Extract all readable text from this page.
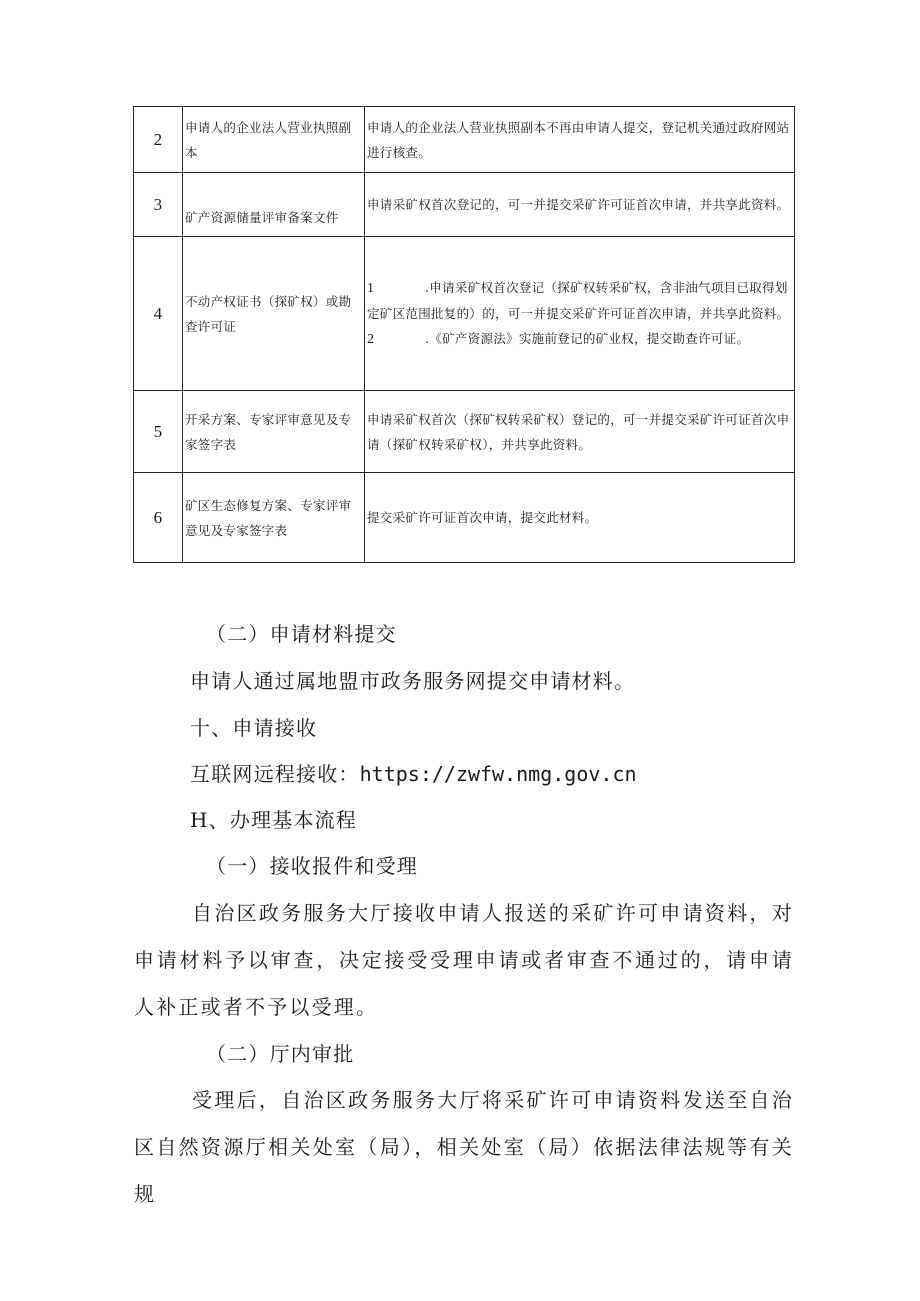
2	申请人的企业法人营业执照副本	申请人的企业法人营业执照副本不再由申请人提交，登记机关通过政府网站进行核查。
3	矿产资源储量评审备案文件	申请采矿权首次登记的，可一并提交采矿许可证首次申请，并共享此资料。
4	不动产权证书（探矿权）或勘查许可证	1 .申请采矿权首次登记（探矿权转采矿权，含非油气项目已取得划定矿区范围批复的）的，可一并提交采矿许可证首次申请，并共享此资料。
2 .《矿产资源法》实施前登记的矿业权，提交勘查许可证。

5	开采方案、专家评审意见及专家签字表	申请采矿权首次（探矿权转采矿权）登记的，可一并提交采矿许可证首次申请（探矿权转采矿权），并共享此资料。
6	矿区生态修复方案、专家评审意见及专家签字表	提交采矿许可证首次申请，提交此材料。
（二）申请材料提交
申请人通过属地盟市政务服务网提交申请材料。
十、申请接收
互联网远程接收：https://zwfw.nmg.gov.cn
H、办理基本流程
（一）接收报件和受理
自治区政务服务大厅接收申请人报送的采矿许可申请资料，对申请材料予以审查，决定接受受理申请或者审查不通过的，请申请人补正或者不予以受理。
（二）厅内审批
受理后，自治区政务服务大厅将采矿许可申请资料发送至自治区自然资源厅相关处室（局），相关处室（局）依据法律法规等有关规
